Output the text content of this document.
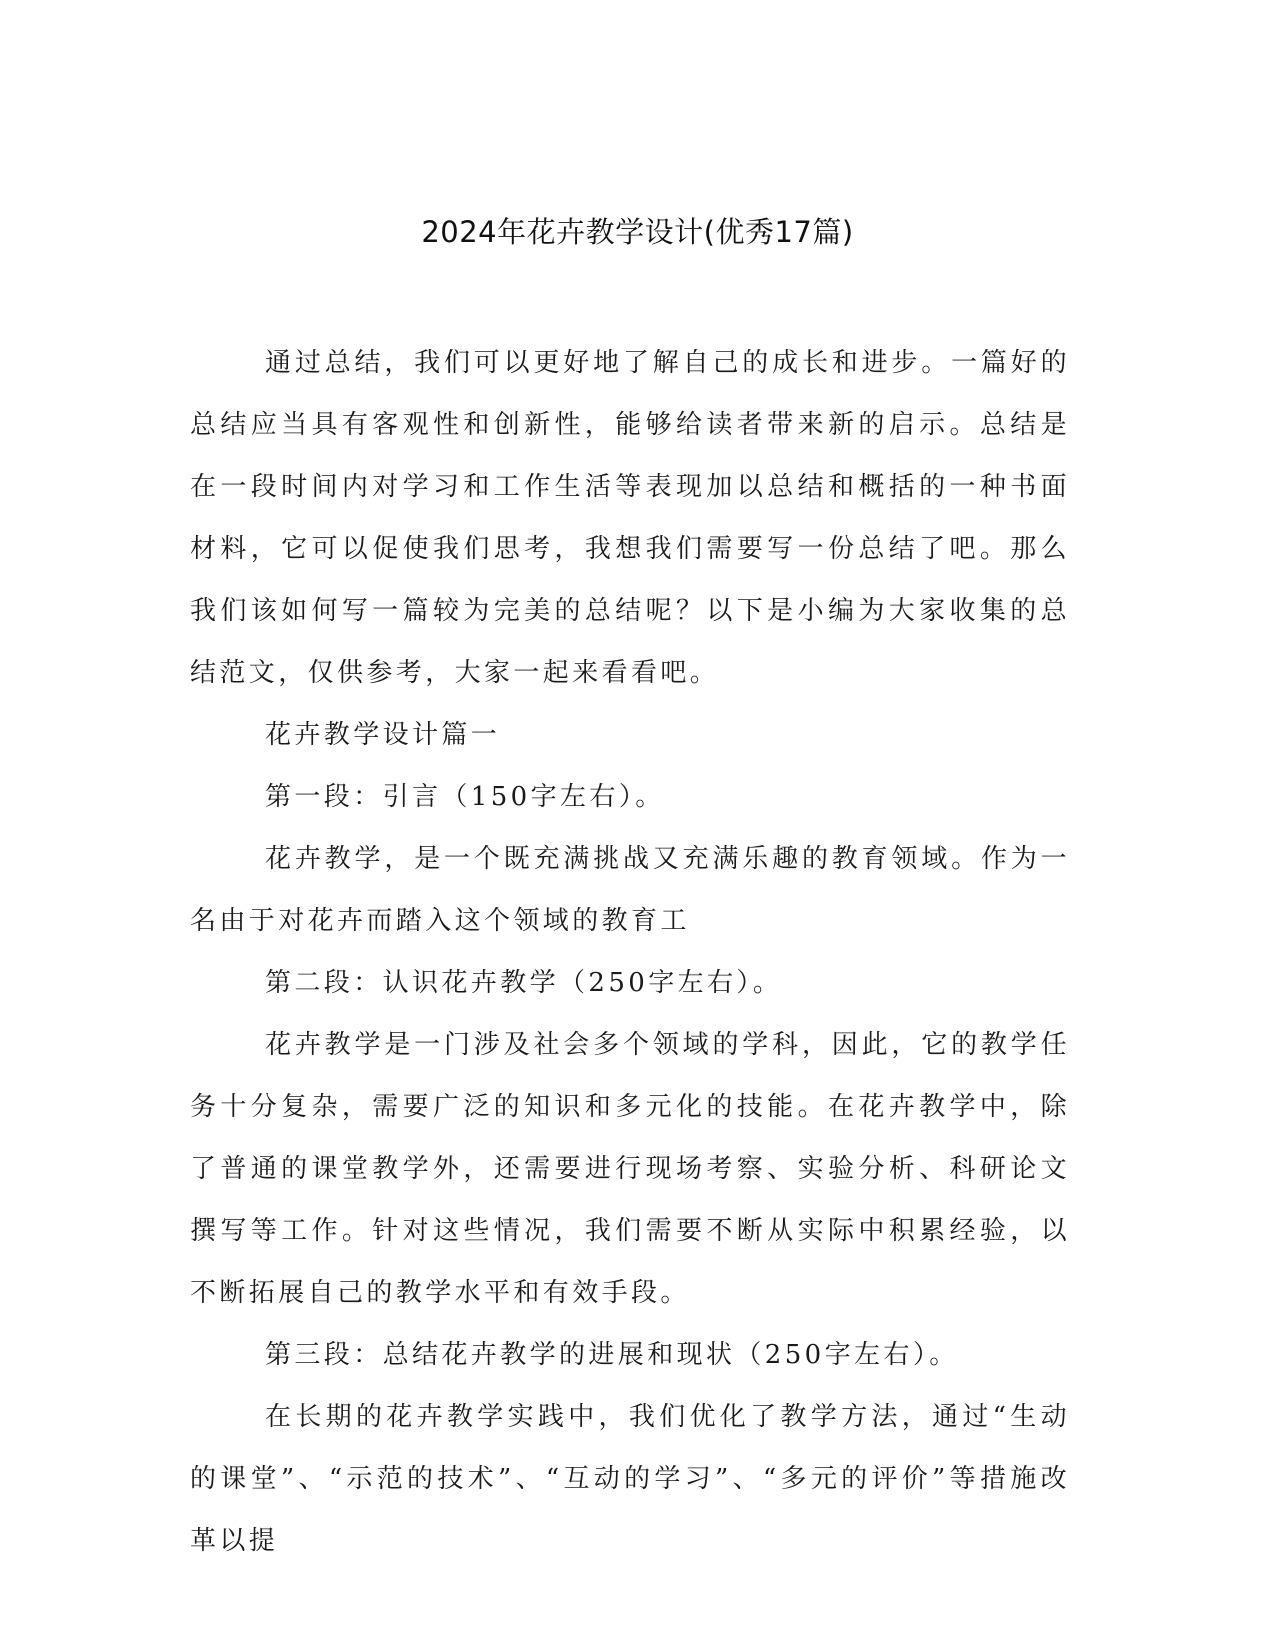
2024年花卉教学设计(优秀17篇)

通过总结，我们可以更好地了解自己的成长和进步。一篇好的总结应当具有客观性和创新性，能够给读者带来新的启示。总结是在一段时间内对学习和工作生活等表现加以总结和概括的一种书面材料，它可以促使我们思考，我想我们需要写一份总结了吧。那么我们该如何写一篇较为完美的总结呢？以下是小编为大家收集的总结范文，仅供参考，大家一起来看看吧。

花卉教学设计篇一

第一段：引言（150字左右）。

花卉教学，是一个既充满挑战又充满乐趣的教育领域。作为一名由于对花卉而踏入这个领域的教育工

第二段：认识花卉教学（250字左右）。

花卉教学是一门涉及社会多个领域的学科，因此，它的教学任务十分复杂，需要广泛的知识和多元化的技能。在花卉教学中，除了普通的课堂教学外，还需要进行现场考察、实验分析、科研论文撰写等工作。针对这些情况，我们需要不断从实际中积累经验，以不断拓展自己的教学水平和有效手段。

第三段：总结花卉教学的进展和现状（250字左右）。

在长期的花卉教学实践中，我们优化了教学方法，通过“生动的课堂”、“示范的技术”、“互动的学习”、“多元的评价”等措施改革以提
